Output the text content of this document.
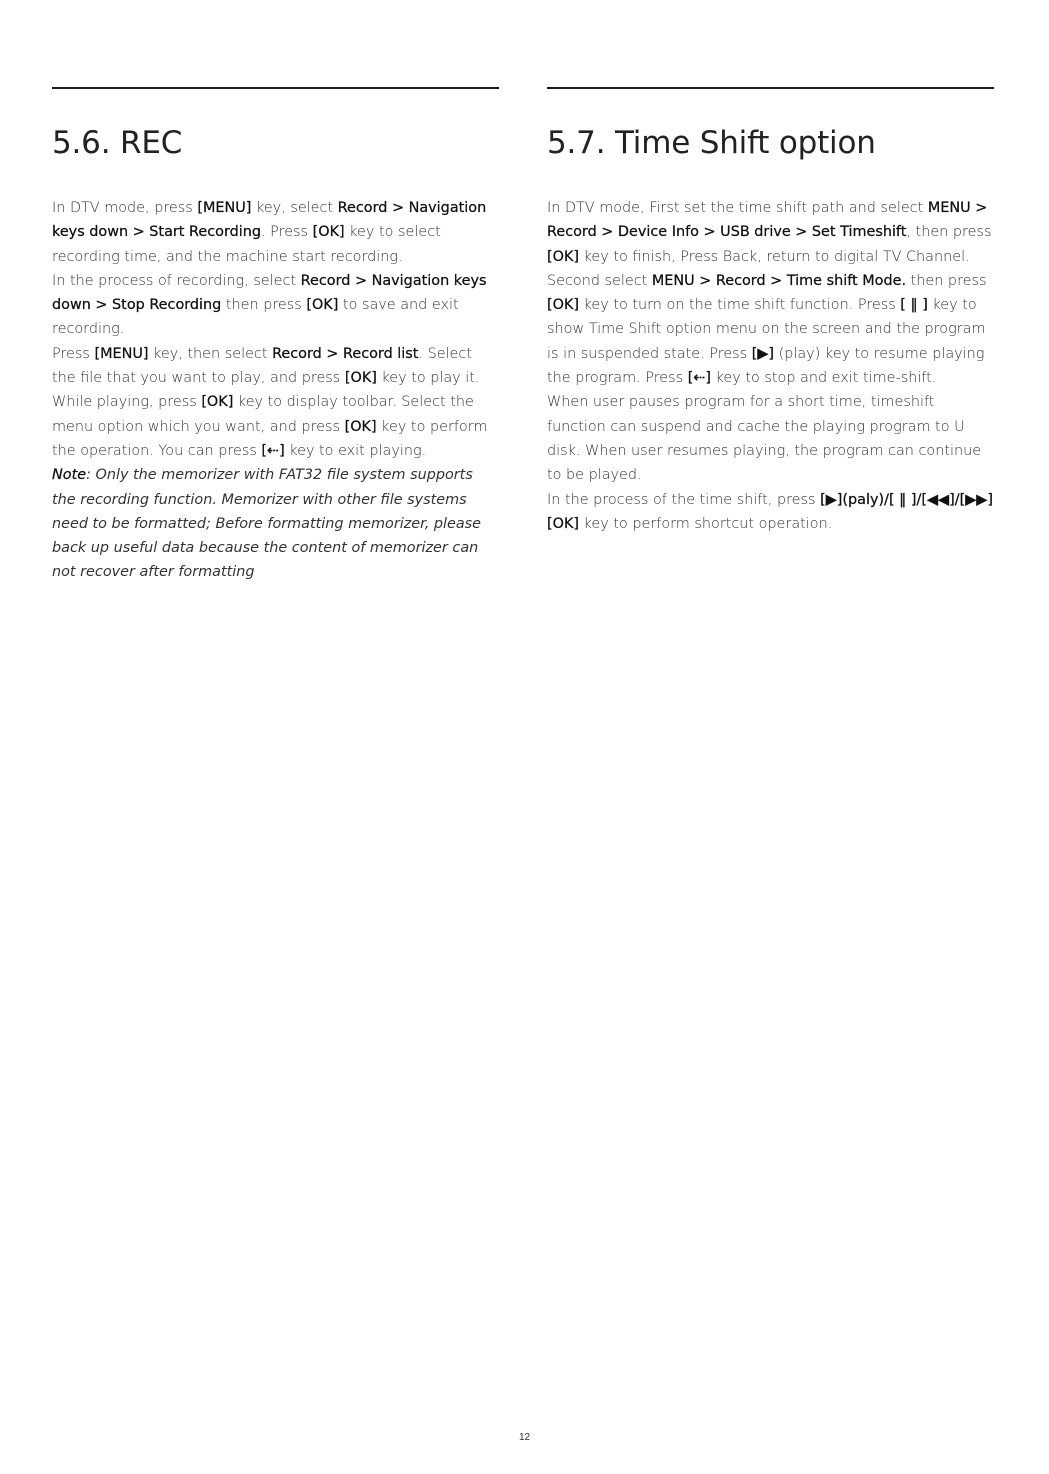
5.6. REC

In DTV mode, press [MENU] key, select Record > Navigation keys down > Start Recording. Press [OK] key to select recording time, and the machine start recording.

In the process of recording, select Record > Navigation keys down > Stop Recording then press [OK] to save and exit recording.

Press [MENU] key, then select Record > Record list. Select the file that you want to play, and press [OK] key to play it. While playing, press [OK] key to display toolbar. Select the menu option which you want, and press [OK] key to perform the operation. You can press [⇠] key to exit playing.

Note: Only the memorizer with FAT32 file system supports the recording function. Memorizer with other file systems need to be formatted; Before formatting memorizer, please back up useful data because the content of memorizer can not recover after formatting

5.7. Time Shift option

In DTV mode, First set the time shift path and select MENU > Record > Device Info > USB drive > Set Timeshift, then press [OK] key to finish, Press Back, return to digital TV Channel. Second select MENU > Record > Time shift Mode. then press [OK] key to turn on the time shift function. Press [ ‖ ] key to show Time Shift option menu on the screen and the program is in suspended state. Press [▶] (play) key to resume playing the program. Press [⇠] key to stop and exit time-shift.

When user pauses program for a short time, timeshift function can suspend and cache the playing program to U disk. When user resumes playing, the program can continue to be played.

In the process of the time shift, press [▶](paly)/[ ‖ ]/[◀◀]/[▶▶] [OK] key to perform shortcut operation.

12
